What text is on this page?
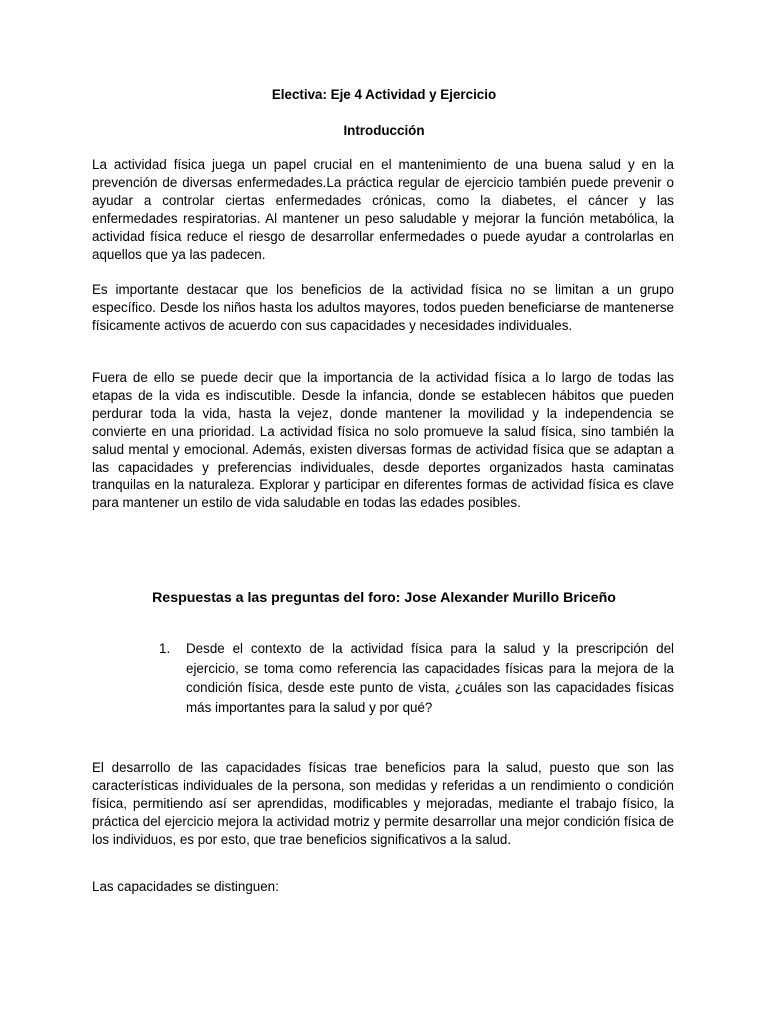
Electiva: Eje 4 Actividad y Ejercicio
Introducción

La actividad física juega un papel crucial en el mantenimiento de una buena salud y en la prevención de diversas enfermedades.La práctica regular de ejercicio también puede prevenir o ayudar a controlar ciertas enfermedades crónicas, como la diabetes, el cáncer y las enfermedades respiratorias. Al mantener un peso saludable y mejorar la función metabólica, la actividad física reduce el riesgo de desarrollar enfermedades o puede ayudar a controlarlas en aquellos que ya las padecen.

Es importante destacar que los beneficios de la actividad física no se limitan a un grupo específico. Desde los niños hasta los adultos mayores, todos pueden beneficiarse de mantenerse físicamente activos de acuerdo con sus capacidades y necesidades individuales.

Fuera de ello se puede decir que la importancia de la actividad física a lo largo de todas las etapas de la vida es indiscutible. Desde la infancia, donde se establecen hábitos que pueden perdurar toda la vida, hasta la vejez, donde mantener la movilidad y la independencia se convierte en una prioridad. La actividad física no solo promueve la salud física, sino también la salud mental y emocional. Además, existen diversas formas de actividad física que se adaptan a las capacidades y preferencias individuales, desde deportes organizados hasta caminatas tranquilas en la naturaleza. Explorar y participar en diferentes formas de actividad física es clave para mantener un estilo de vida saludable en todas las edades posibles.

Respuestas a las preguntas del foro: Jose Alexander Murillo Briceño
1.	Desde el contexto de la actividad física para la salud y la prescripción del ejercicio, se toma como referencia las capacidades físicas para la mejora de la condición física, desde este punto de vista, ¿cuáles son las capacidades físicas más importantes para la salud y por qué?

El desarrollo de las capacidades físicas trae beneficios para la salud, puesto que son las características individuales de la persona, son medidas y referidas a un rendimiento o condición física, permitiendo así ser aprendidas, modificables y mejoradas, mediante el trabajo físico, la práctica del ejercicio mejora la actividad motriz y permite desarrollar una mejor condición física de los individuos, es por esto, que trae beneficios significativos a la salud.

Las capacidades se distinguen:
